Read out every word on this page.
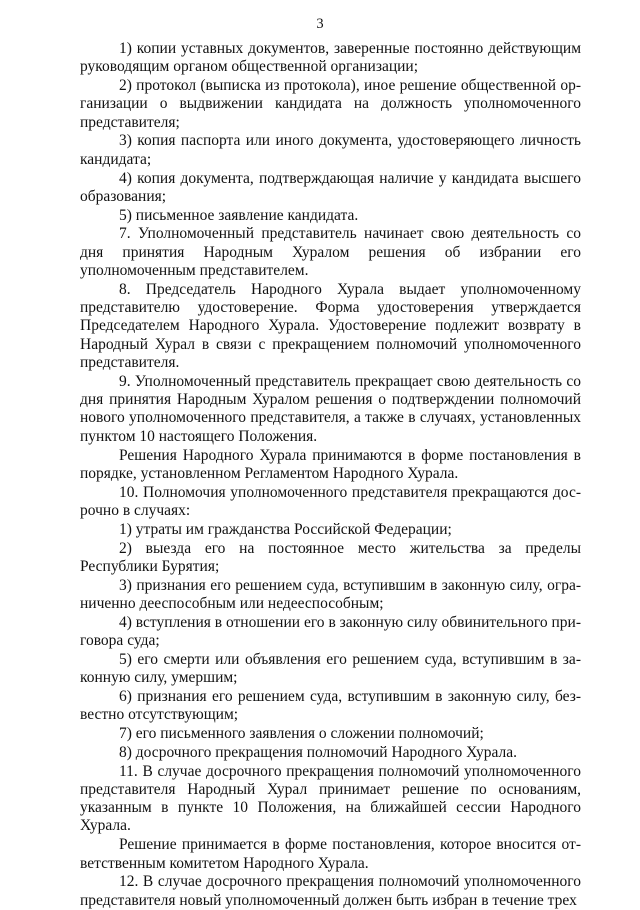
3

1) копии уставных документов, заверенные постоянно действующим руководящим органом общественной организации;

2) протокол (выписка из протокола), иное решение общественной организации о выдвижении кандидата на должность уполномоченного представителя;

3) копия паспорта или иного документа, удостоверяющего личность кандидата;

4) копия документа, подтверждающая наличие у кандидата высшего образования;

5) письменное заявление кандидата.

7. Уполномоченный представитель начинает свою деятельность со дня принятия Народным Хуралом решения об избрании его уполномоченным представителем.

8. Председатель Народного Хурала выдает уполномоченному представителю удостоверение. Форма удостоверения утверждается Председателем Народного Хурала. Удостоверение подлежит возврату в Народный Хурал в связи с прекращением полномочий уполномоченного представителя.

9. Уполномоченный представитель прекращает свою деятельность со дня принятия Народным Хуралом решения о подтверждении полномочий нового уполномоченного представителя, а также в случаях, установленных пунктом 10 настоящего Положения.

Решения Народного Хурала принимаются в форме постановления в порядке, установленном Регламентом Народного Хурала.

10. Полномочия уполномоченного представителя прекращаются досрочно в случаях:

1) утраты им гражданства Российской Федерации;

2) выезда его на постоянное место жительства за пределы Республики Бурятия;

3) признания его решением суда, вступившим в законную силу, ограниченно дееспособным или недееспособным;

4) вступления в отношении его в законную силу обвинительного приговора суда;

5) его смерти или объявления его решением суда, вступившим в законную силу, умершим;

6) признания его решением суда, вступившим в законную силу, безвестно отсутствующим;

7) его письменного заявления о сложении полномочий;

8) досрочного прекращения полномочий Народного Хурала.

11. В случае досрочного прекращения полномочий уполномоченного представителя Народный Хурал принимает решение по основаниям, указанным в пункте 10 Положения, на ближайшей сессии Народного Хурала.

Решение принимается в форме постановления, которое вносится ответственным комитетом Народного Хурала.

12. В случае досрочного прекращения полномочий уполномоченного представителя новый уполномоченный должен быть избран в течение трех
